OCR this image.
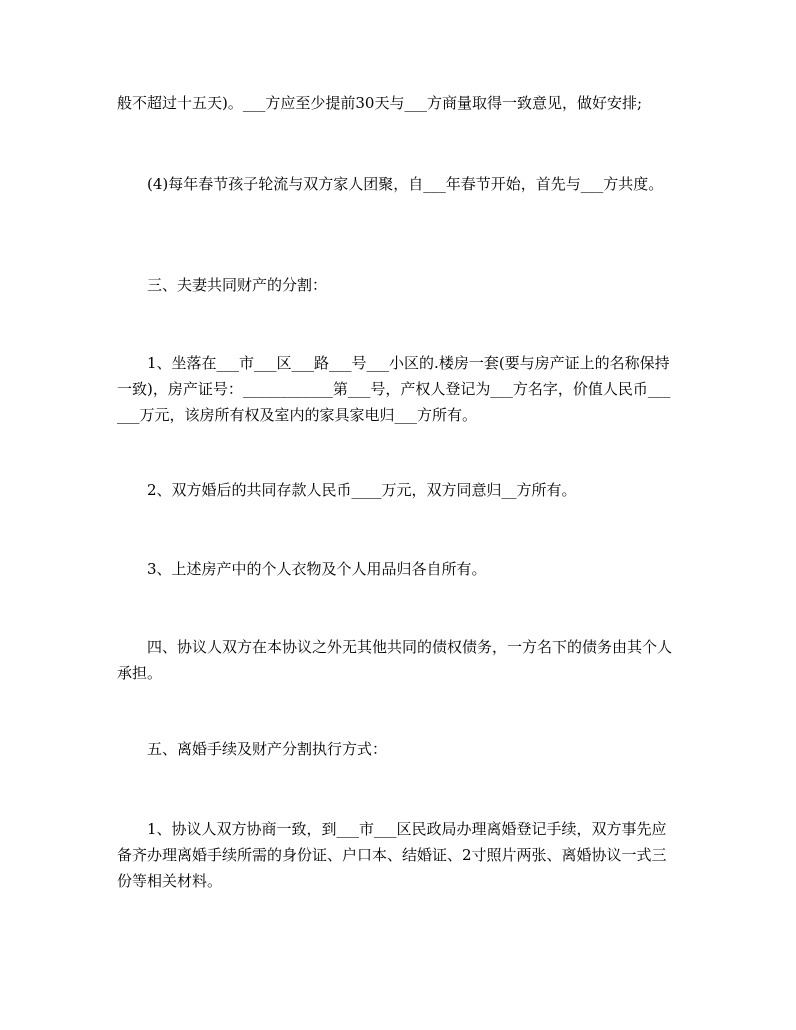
般不超过十五天)。___方应至少提前30天与___方商量取得一致意见，做好安排;

　　(4)每年春节孩子轮流与双方家人团聚，自___年春节开始，首先与___方共度。

　　三、夫妻共同财产的分割：

　　1、坐落在___市___区___路___号___小区的.楼房一套(要与房产证上的名称保持一致)，房产证号：____________第___号，产权人登记为___方名字，价值人民币______万元，该房所有权及室内的家具家电归___方所有。

　　2、双方婚后的共同存款人民币____万元，双方同意归__方所有。

　　3、上述房产中的个人衣物及个人用品归各自所有。

　　四、协议人双方在本协议之外无其他共同的债权债务，一方名下的债务由其个人承担。

　　五、离婚手续及财产分割执行方式：

　　1、协议人双方协商一致，到___市___区民政局办理离婚登记手续，双方事先应备齐办理离婚手续所需的身份证、户口本、结婚证、2寸照片两张、离婚协议一式三份等相关材料。
